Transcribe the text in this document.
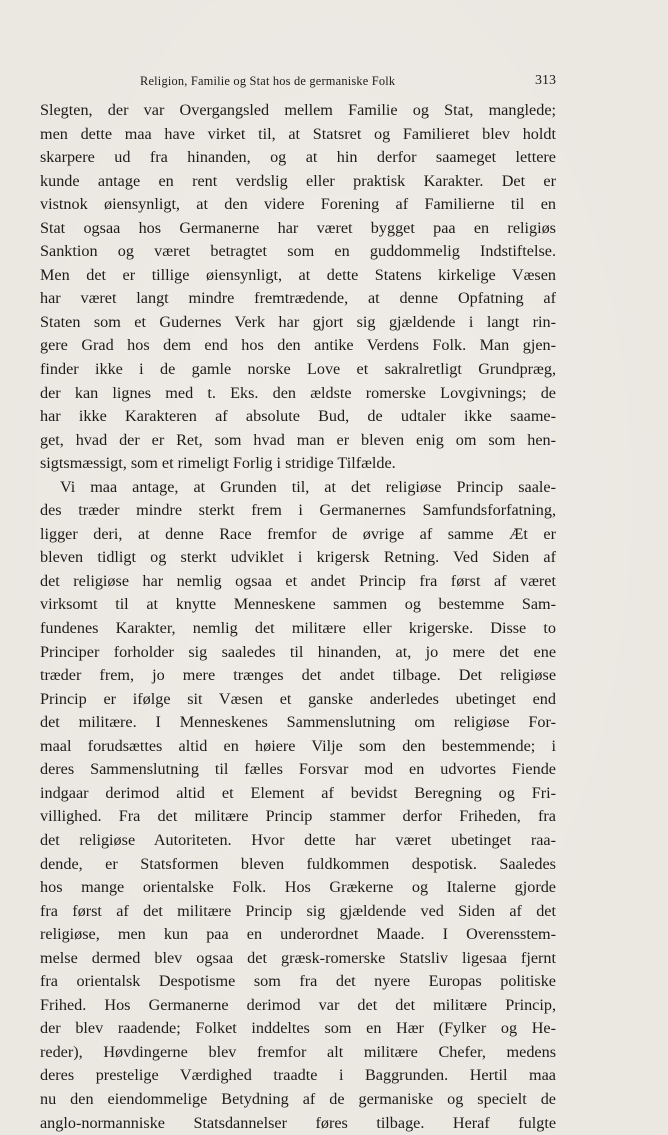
Religion, Familie og Stat hos de germaniske Folk	313
Slegten, der var Overgangsled mellem Familie og Stat, manglede;
men dette maa have virket til, at Statsret og Familieret blev holdt
skarpere ud fra hinanden, og at hin derfor saameget lettere
kunde antage en rent verdslig eller praktisk Karakter. Det er
vistnok øiensynligt, at den videre Forening af Familierne til en
Stat ogsaa hos Germanerne har været bygget paa en religiøs
Sanktion og været betragtet som en guddommelig Indstiftelse.
Men det er tillige øiensynligt, at dette Statens kirkelige Væsen
har været langt mindre fremtrædende, at denne Opfatning af
Staten som et Gudernes Verk har gjort sig gjældende i langt rin-
gere Grad hos dem end hos den antike Verdens Folk. Man gjen-
finder ikke i de gamle norske Love et sakralretligt Grundpræg,
der kan lignes med t. Eks. den ældste romerske Lovgivnings; de
har ikke Karakteren af absolute Bud, de udtaler ikke saame-
get, hvad der er Ret, som hvad man er bleven enig om som hen-
sigtsmæssigt, som et rimeligt Forlig i stridige Tilfælde.
Vi maa antage, at Grunden til, at det religiøse Princip saale-
des træder mindre sterkt frem i Germanernes Samfundsforfatning,
ligger deri, at denne Race fremfor de øvrige af samme Æt er
bleven tidligt og sterkt udviklet i krigersk Retning. Ved Siden af
det religiøse har nemlig ogsaa et andet Princip fra først af været
virksomt til at knytte Menneskene sammen og bestemme Sam-
fundenes Karakter, nemlig det militære eller krigerske. Disse to
Principer forholder sig saaledes til hinanden, at, jo mere det ene
træder frem, jo mere trænges det andet tilbage. Det religiøse
Princip er ifølge sit Væsen et ganske anderledes ubetinget end
det militære. I Menneskenes Sammenslutning om religiøse For-
maal forudsættes altid en høiere Vilje som den bestemmende; i
deres Sammenslutning til fælles Forsvar mod en udvortes Fiende
indgaar derimod altid et Element af bevidst Beregning og Fri-
villighed. Fra det militære Princip stammer derfor Friheden, fra
det religiøse Autoriteten. Hvor dette har været ubetinget raa-
dende, er Statsformen bleven fuldkommen despotisk. Saaledes
hos mange orientalske Folk. Hos Grækerne og Italerne gjorde
fra først af det militære Princip sig gjældende ved Siden af det
religiøse, men kun paa en underordnet Maade. I Overensstem-
melse dermed blev ogsaa det græsk-romerske Statsliv ligesaa fjernt
fra orientalsk Despotisme som fra det nyere Europas politiske
Frihed. Hos Germanerne derimod var det det militære Princip,
der blev raadende; Folket inddeltes som en Hær (Fylker og He-
reder), Høvdingerne blev fremfor alt militære Chefer, medens
deres prestelige Værdighed traadte i Baggrunden. Hertil maa
nu den eiendommelige Betydning af de germaniske og specielt de
anglo-normanniske Statsdannelser føres tilbage. Heraf fulgte
